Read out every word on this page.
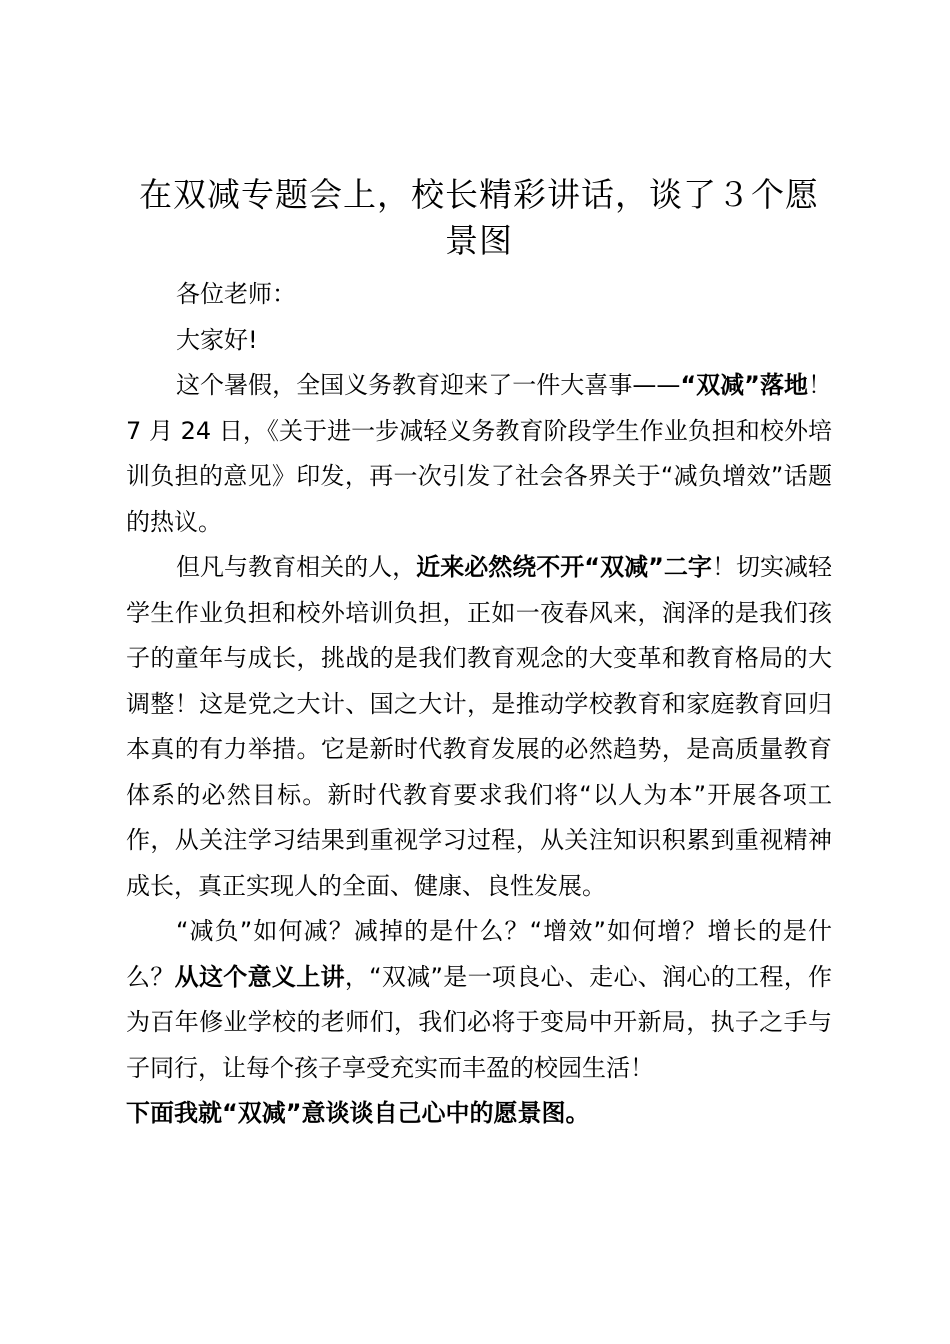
在双减专题会上，校长精彩讲话，谈了３个愿景图

各位老师：

大家好!

这个暑假，全国义务教育迎来了一件大喜事——“双减”落地！7 月 24 日，《关于进一步减轻义务教育阶段学生作业负担和校外培训负担的意见》印发，再一次引发了社会各界关于“减负增效”话题的热议。

但凡与教育相关的人，近来必然绕不开“双减”二字！切实减轻学生作业负担和校外培训负担，正如一夜春风来，润泽的是我们孩子的童年与成长，挑战的是我们教育观念的大变革和教育格局的大调整！这是党之大计、国之大计，是推动学校教育和家庭教育回归本真的有力举措。它是新时代教育发展的必然趋势，是高质量教育体系的必然目标。新时代教育要求我们将“以人为本”开展各项工作，从关注学习结果到重视学习过程，从关注知识积累到重视精神成长，真正实现人的全面、健康、良性发展。

“减负”如何减？减掉的是什么？“增效”如何增？增长的是什么？从这个意义上讲，“双减”是一项良心、走心、润心的工程，作为百年修业学校的老师们，我们必将于变局中开新局，执子之手与子同行，让每个孩子享受充实而丰盈的校园生活！

下面我就“双减”意谈谈自己心中的愿景图。
